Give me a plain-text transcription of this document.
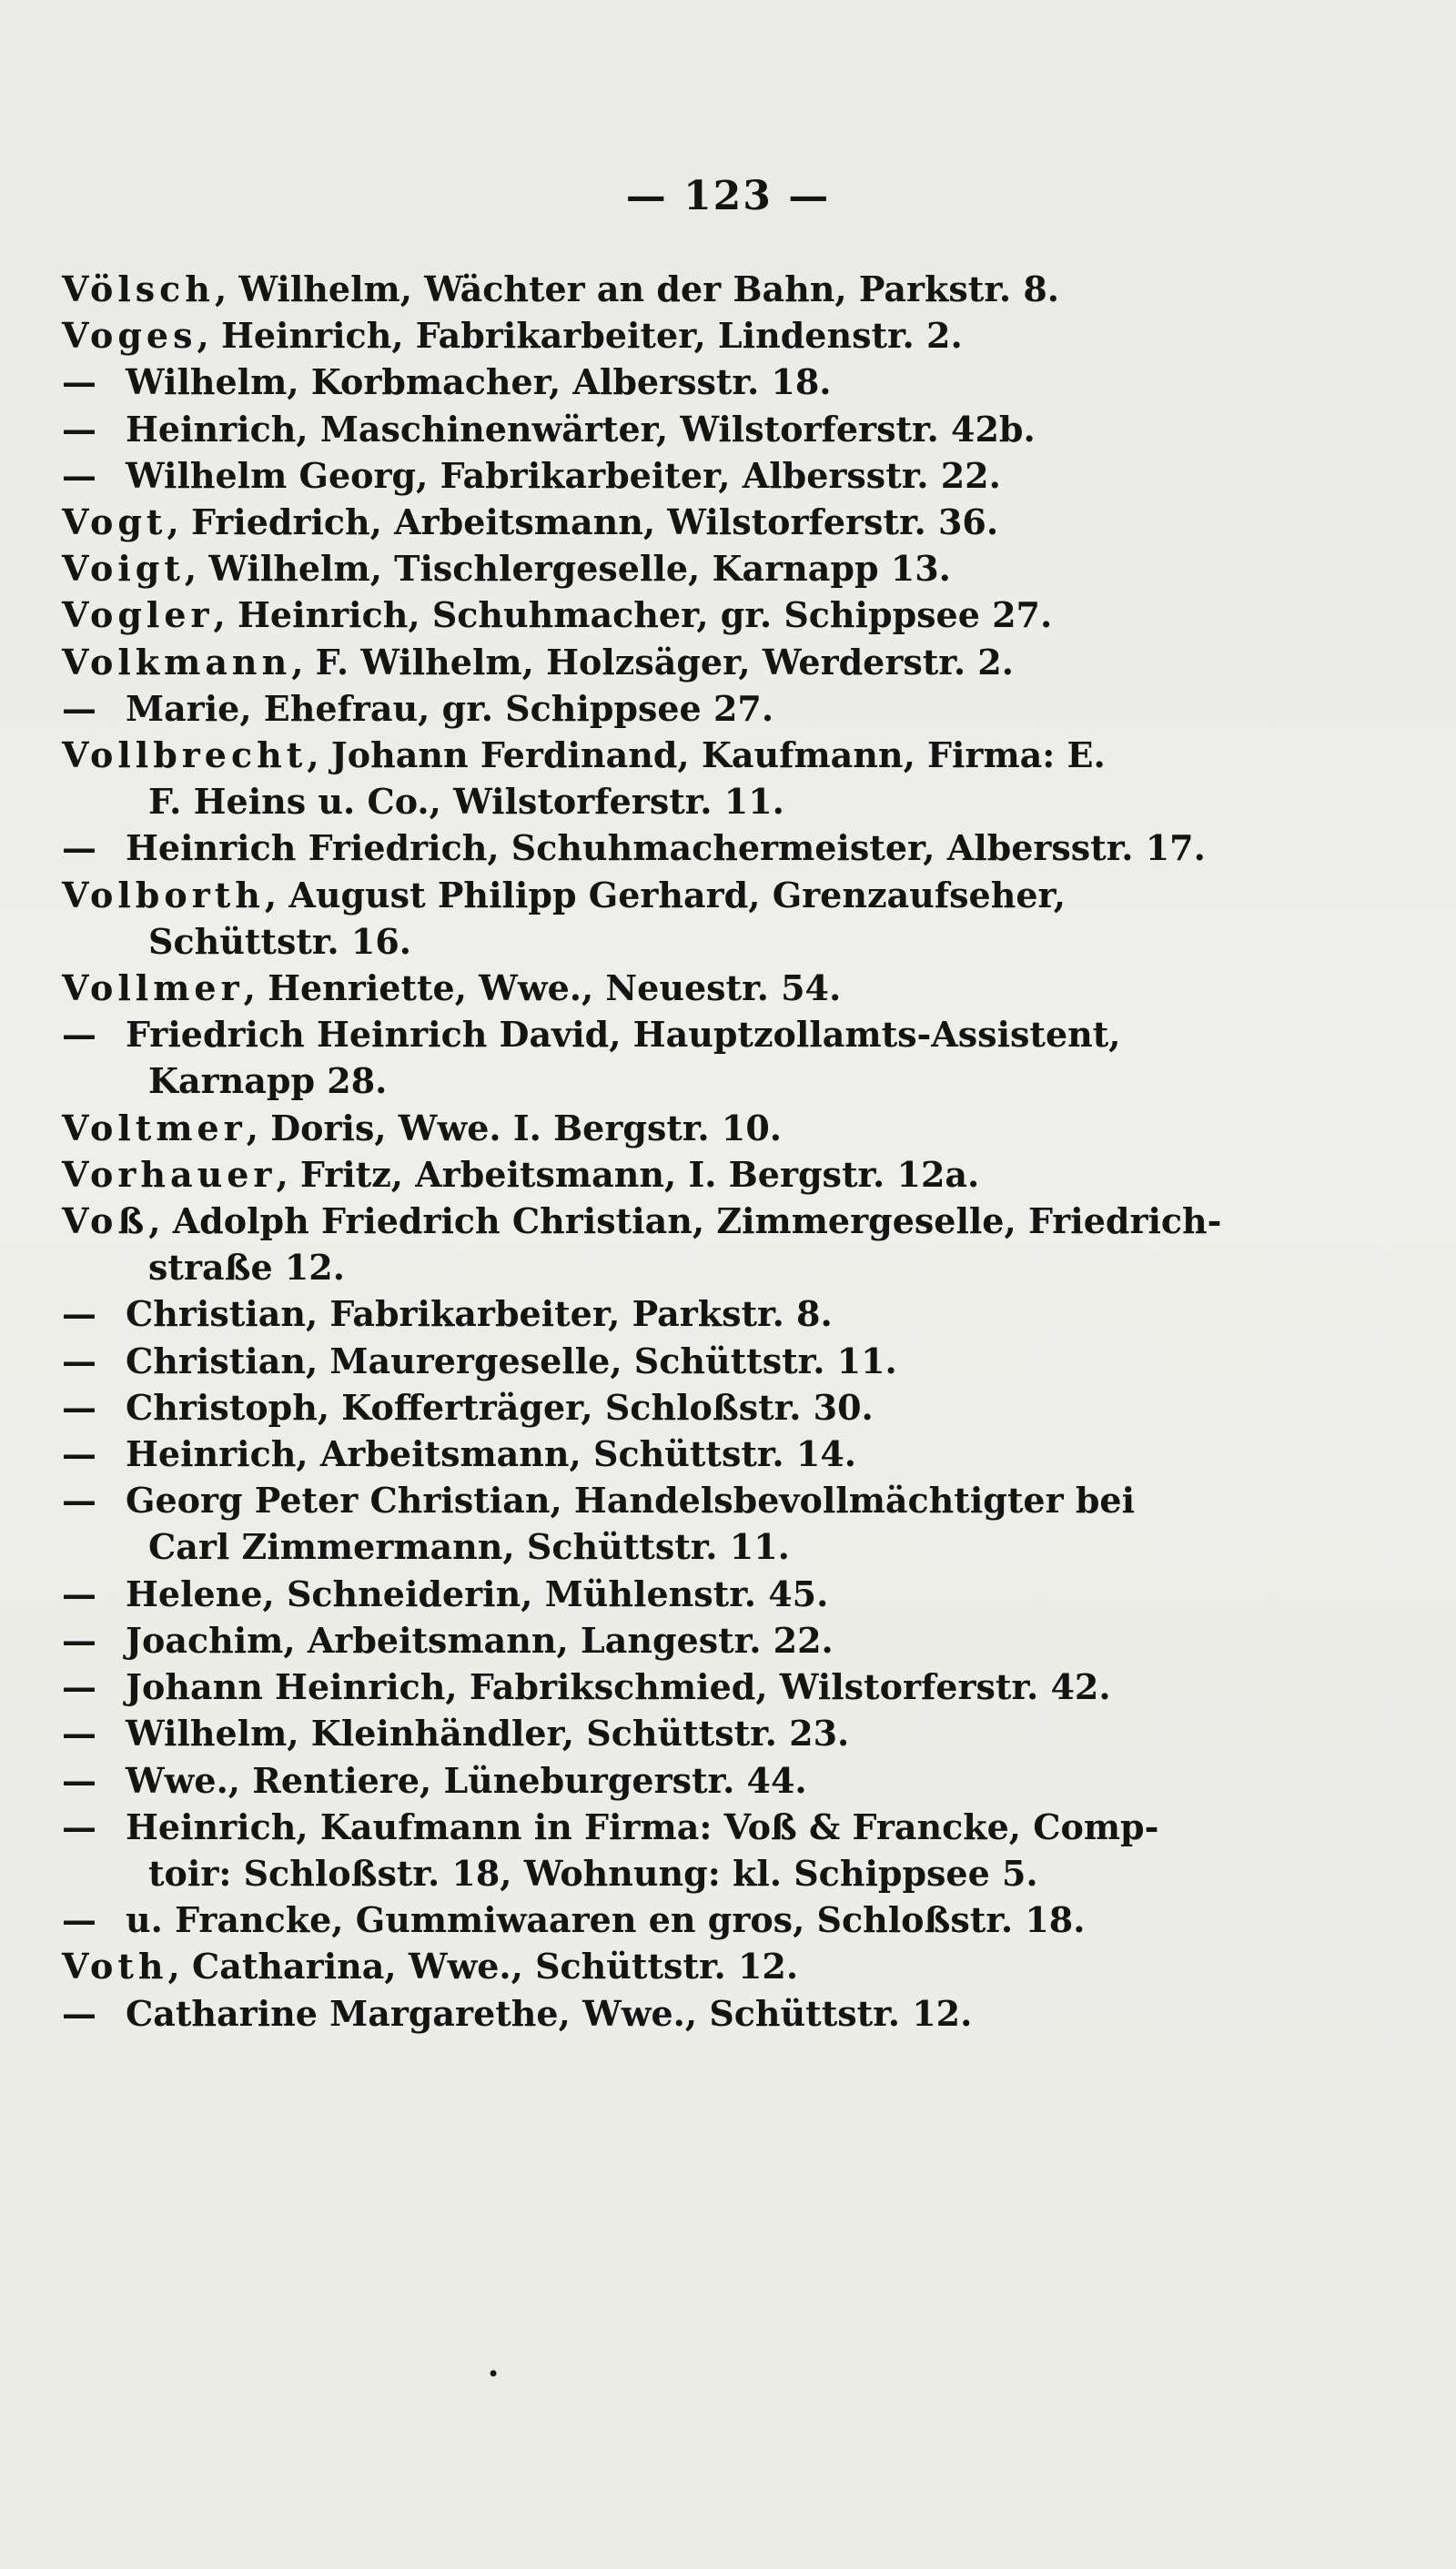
— 123 —
Völsch, Wilhelm, Wächter an der Bahn, Parkstr. 8.
Voges, Heinrich, Fabrikarbeiter, Lindenstr. 2.
— Wilhelm, Korbmacher, Albersstr. 18.
— Heinrich, Maschinenwärter, Wilstorferstr. 42b.
— Wilhelm Georg, Fabrikarbeiter, Albersstr. 22.
Vogt, Friedrich, Arbeitsmann, Wilstorferstr. 36.
Voigt, Wilhelm, Tischlergeselle, Karnapp 13.
Vogler, Heinrich, Schuhmacher, gr. Schippsee 27.
Volkmann, F. Wilhelm, Holzsäger, Werderstr. 2.
— Marie, Ehefrau, gr. Schippsee 27.
Vollbrecht, Johann Ferdinand, Kaufmann, Firma: E.
F. Heins u. Co., Wilstorferstr. 11.
— Heinrich Friedrich, Schuhmachermeister, Albersstr. 17.
Volborth, August Philipp Gerhard, Grenzaufseher,
Schüttstr. 16.
Vollmer, Henriette, Wwe., Neuestr. 54.
— Friedrich Heinrich David, Hauptzollamts-Assistent,
Karnapp 28.
Voltmer, Doris, Wwe. I. Bergstr. 10.
Vorhauer, Fritz, Arbeitsmann, I. Bergstr. 12a.
Voß, Adolph Friedrich Christian, Zimmergeselle, Friedrich-
straße 12.
— Christian, Fabrikarbeiter, Parkstr. 8.
— Christian, Maurergeselle, Schüttstr. 11.
— Christoph, Kofferträger, Schloßstr. 30.
— Heinrich, Arbeitsmann, Schüttstr. 14.
— Georg Peter Christian, Handelsbevollmächtigter bei
Carl Zimmermann, Schüttstr. 11.
— Helene, Schneiderin, Mühlenstr. 45.
— Joachim, Arbeitsmann, Langestr. 22.
— Johann Heinrich, Fabrikschmied, Wilstorferstr. 42.
— Wilhelm, Kleinhändler, Schüttstr. 23.
— Wwe., Rentiere, Lüneburgerstr. 44.
— Heinrich, Kaufmann in Firma: Voß & Francke, Comp-
toir: Schloßstr. 18, Wohnung: kl. Schippsee 5.
— u. Francke, Gummiwaaren en gros, Schloßstr. 18.
Voth, Catharina, Wwe., Schüttstr. 12.
— Catharine Margarethe, Wwe., Schüttstr. 12.
•
